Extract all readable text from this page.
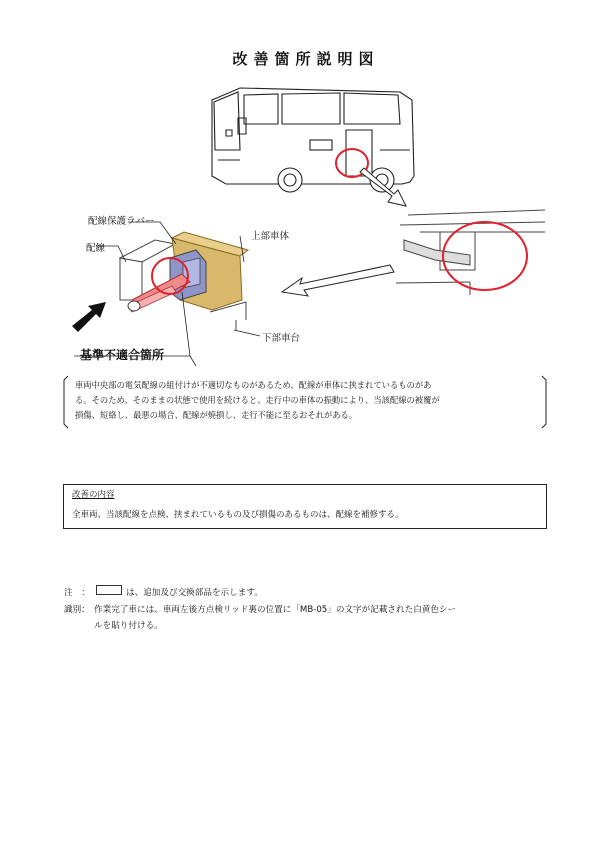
改善箇所説明図
配線保護ラバー
配線
上部車体
下部車台
基準不適合箇所
車両中央部の電気配線の組付けが不適切なものがあるため、配線が車体に挟まれているものがあ
る。そのため、そのままの状態で使用を続けると、走行中の車体の振動により、当該配線の被覆が
損傷、短絡し、最悪の場合、配線が焼損し、走行不能に至るおそれがある。
改善の内容
全車両、当該配線を点検、挟まれているもの及び損傷のあるものは、配線を補修する。
注　：	は、追加及び交換部品を示します。
識別： 作業完了車には、車両左後方点検リッド裏の位置に「MB-05」の文字が記載された白黄色シー
ルを貼り付ける。
